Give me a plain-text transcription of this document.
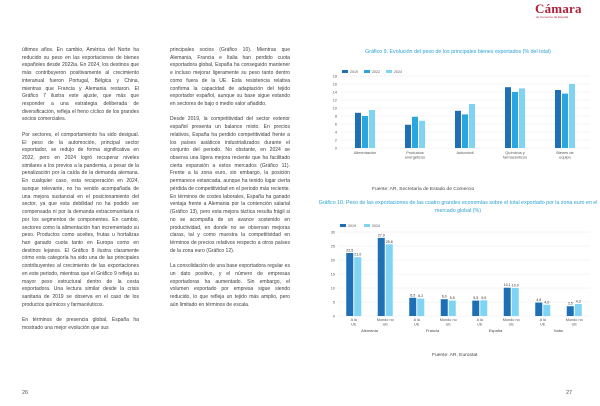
Cámara
de Comercio de España

últimos años. En cambio, América del Norte ha reducido su peso en las exportaciones de bienes españoles desde 2022ia. En 2024, los destinos que más contribuyeron positivamente al crecimiento interanual fueron Portugal, Bélgica y China, mientras que Francia y Alemania restaron. El Gráfico 7 ilustra este ajuste, que más que responder a una estrategia deliberada de diversificación, refleja el freno cíclico de los grandes socios comerciales.

Por sectores, el comportamiento ha sido desigual. El peso de la automoción, principal sector exportador, se redujo de forma significativa en 2022, pero en 2024 logró recuperar niveles similares a los previos a la pandemia, a pesar de la penalización por la caída de la demanda alemana. En cualquier caso, esta recuperación en 2024, aunque relevante, no ha venido acompañada de una mejora sustancial en el posicionamiento del sector, ya que esta debilidad no ha podido ser compensada ni por la demanda extracomunitaria ni por los segmentos de componentes. En cambio, sectores como la alimentación han incrementado su peso. Productos como aceites, frutas u hortalizas han ganado cuota tanto en Europa como en destinos lejanos. El Gráfico 8 ilustra claramente cómo esta categoría ha sido una de las principales contribuyentes al crecimiento de las exportaciones en este periodo, mientras que el Gráfico 9 refleja su mayor peso estructural dentro de la cesta exportadora. Una lectura similar desde la crisis sanitaria de 2019 se observa en el caso de los productos químicos y farmacéuticos.

En términos de presencia global, España ha mostrado una mejor evolución que sus

principales socios (Gráfico 10). Mientras que Alemania, Francia e Italia han perdido cuota exportadora global, España ha conseguido mantener e incluso mejorar ligeramente su peso tanto dentro como fuera de la UE. Esta resistencia relativa confirma la capacidad de adaptación del tejido exportador español, aunque su base sigue estando en sectores de bajo o medio valor añadido.

Desde 2019, la competitividad del sector exterior español presenta un balance mixto. En precios relativos, España ha perdido competitividad frente a los países asiáticos industrializados durante el conjunto del periodo. No obstante, en 2024 se observa una ligera mejora reciente que ha facilitado cierta expansión a estos mercados (Gráfico 11). Frente a la zona euro, sin embargo, la posición permanece estancada, aunque ha tenido lugar cierta pérdida de competitividad en el periodo más reciente. En términos de costes laborales, España ha ganado ventaja frente a Alemania por la contención salarial (Gráfico 13), pero esta mejora táctica resulta frágil si no se acompaña de un avance sostenido en productividad, en donde no se observan mejoras claras, tal y como muestra la competitividad en términos de precios relativos respecto a otros países de la zona euro (Gráfico 12).

La consolidación de una base exportadora regular es un dato positivo, y el número de empresas exportadoras ha aumentado. Sin embargo, el volumen exportado por empresa sigue siendo reducido, lo que refleja un tejido más amplio, pero aún limitado en términos de escala.

Gráfico 9. Evolución del peso de los principales bienes exportados (% del total)
2019	2022	2024
0
2
4
6
8
10
12
14
16
18
Alimentación	Productos
energéticos
Automóvil	Químicos y
farmacéuticos
Bienes de
equipo
Fuente: AR, Secretaría de Estado de Comercio
Gráfico 10. Peso de las exportaciones de las cuatro grandes economías sobre el total exportado por la zona euro en el mercado global (%)
2019	2024
0
5
10
15
20
25
30
22,5
21,0
A la
UE
27,9
25,6
Mundo no
UE
6,5 6,2
A la
UE
6,0 5,5
Mundo no
UE
5,5 5,6
A la
UE
10,1 10,0
Mundo no
UE
4,8
4,0
A la
UE
3,5
4,3
Mundo no
UE
Alemania	Francia	España	Italia
Fuente: AR, Eurostat
26	27
